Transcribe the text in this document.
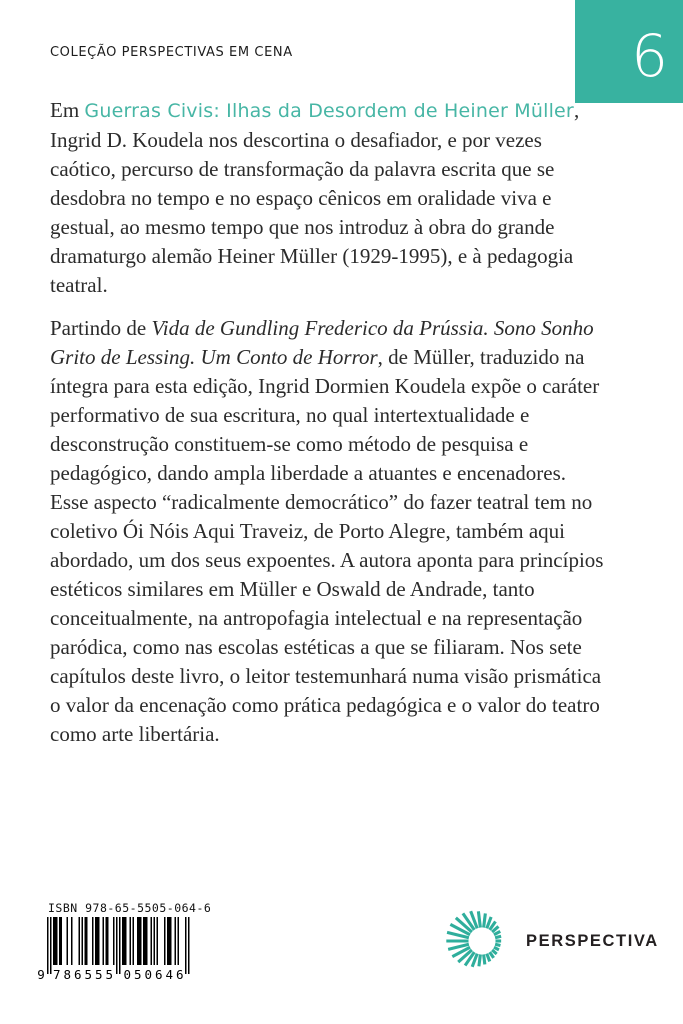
6
COLEÇÃO PERSPECTIVAS EM CENA

Em Guerras Civis: Ilhas da Desordem de Heiner Müller, Ingrid D. Koudela nos descortina o desafiador, e por vezes caótico, percurso de transformação da palavra escrita que se desdobra no tempo e no espaço cênicos em oralidade viva e gestual, ao mesmo tempo que nos introduz à obra do grande dramaturgo alemão Heiner Müller (1929-1995), e à pedagogia teatral.

Partindo de Vida de Gundling Frederico da Prússia. Sono Sonho Grito de Lessing. Um Conto de Horror, de Müller, traduzido na íntegra para esta edição, Ingrid Dormien Koudela expõe o caráter performativo de sua escritura, no qual intertextualidade e desconstrução constituem-se como método de pesquisa e pedagógico, dando ampla liberdade a atuantes e encenadores. Esse aspecto “radicalmente democrático” do fazer teatral tem no coletivo Ói Nóis Aqui Traveiz, de Porto Alegre, também aqui abordado, um dos seus expoentes. A autora aponta para princípios estéticos similares em Müller e Oswald de Andrade, tanto conceitualmente, na antropofagia intelectual e na representação paródica, como nas escolas estéticas a que se filiaram. Nos sete capítulos deste livro, o leitor testemunhará numa visão prismática o valor da encenação como prática pedagógica e o valor do teatro como arte libertária.

ISBN 978-65-5505-064-6
9 7	0
8	5
6	0
5	6
5	4
5	6
PERSPECTIVA
